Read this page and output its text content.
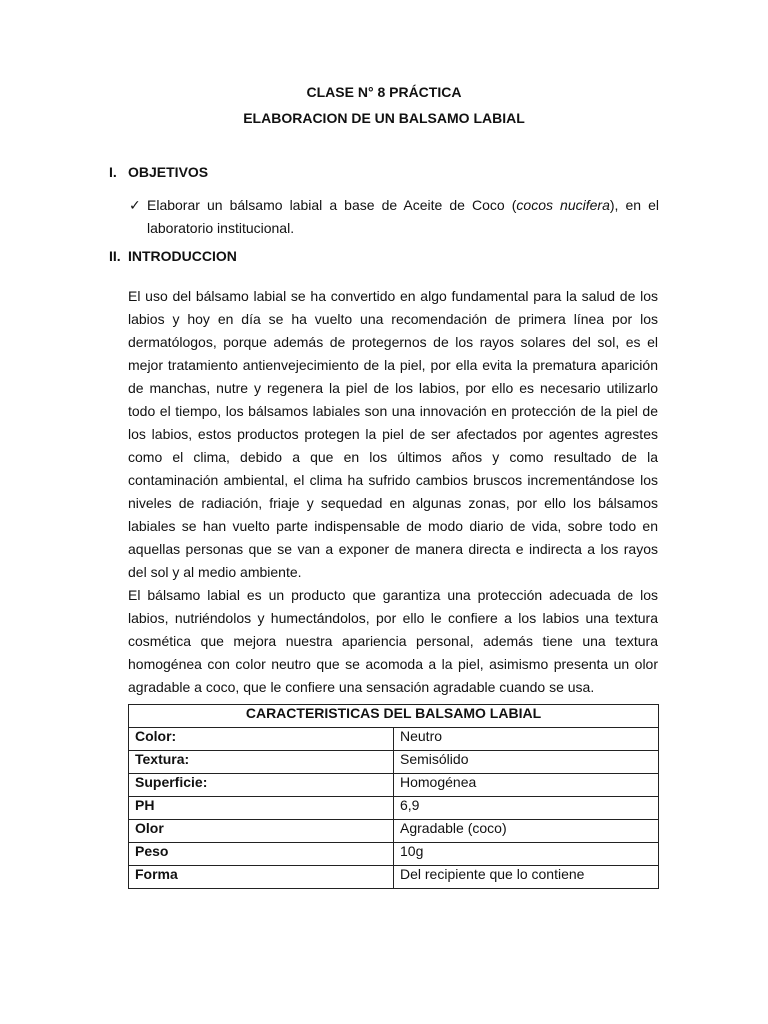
CLASE N° 8 PRÁCTICA
ELABORACION DE UN BALSAMO LABIAL
I. OBJETIVOS
✓ Elaborar un bálsamo labial a base de Aceite de Coco (cocos nucifera), en el laboratorio institucional.
II. INTRODUCCION

El uso del bálsamo labial se ha convertido en algo fundamental para la salud de los labios y hoy en día se ha vuelto una recomendación de primera línea por los dermatólogos, porque además de protegernos de los rayos solares del sol, es el mejor tratamiento antienvejecimiento de la piel, por ella evita la prematura aparición de manchas, nutre y regenera la piel de los labios, por ello es necesario utilizarlo todo el tiempo, los bálsamos labiales son una innovación en protección de la piel de los labios, estos productos protegen la piel de ser afectados por agentes agrestes como el clima, debido a que en los últimos años y como resultado de la contaminación ambiental, el clima ha sufrido cambios bruscos incrementándose los niveles de radiación, friaje y sequedad en algunas zonas, por ello los bálsamos labiales se han vuelto parte indispensable de modo diario de vida, sobre todo en aquellas personas que se van a exponer de manera directa e indirecta a los rayos del sol y al medio ambiente.

El bálsamo labial es un producto que garantiza una protección adecuada de los labios, nutriéndolos y humectándolos, por ello le confiere a los labios una textura cosmética que mejora nuestra apariencia personal, además tiene una textura homogénea con color neutro que se acomoda a la piel, asimismo presenta un olor agradable a coco, que le confiere una sensación agradable cuando se usa.

CARACTERISTICAS DEL BALSAMO LABIAL	
Color:	Neutro
Textura:	Semisólido
Superficie:	Homogénea
PH	6,9
Olor	Agradable (coco)
Peso	10g
Forma	Del recipiente que lo contiene
